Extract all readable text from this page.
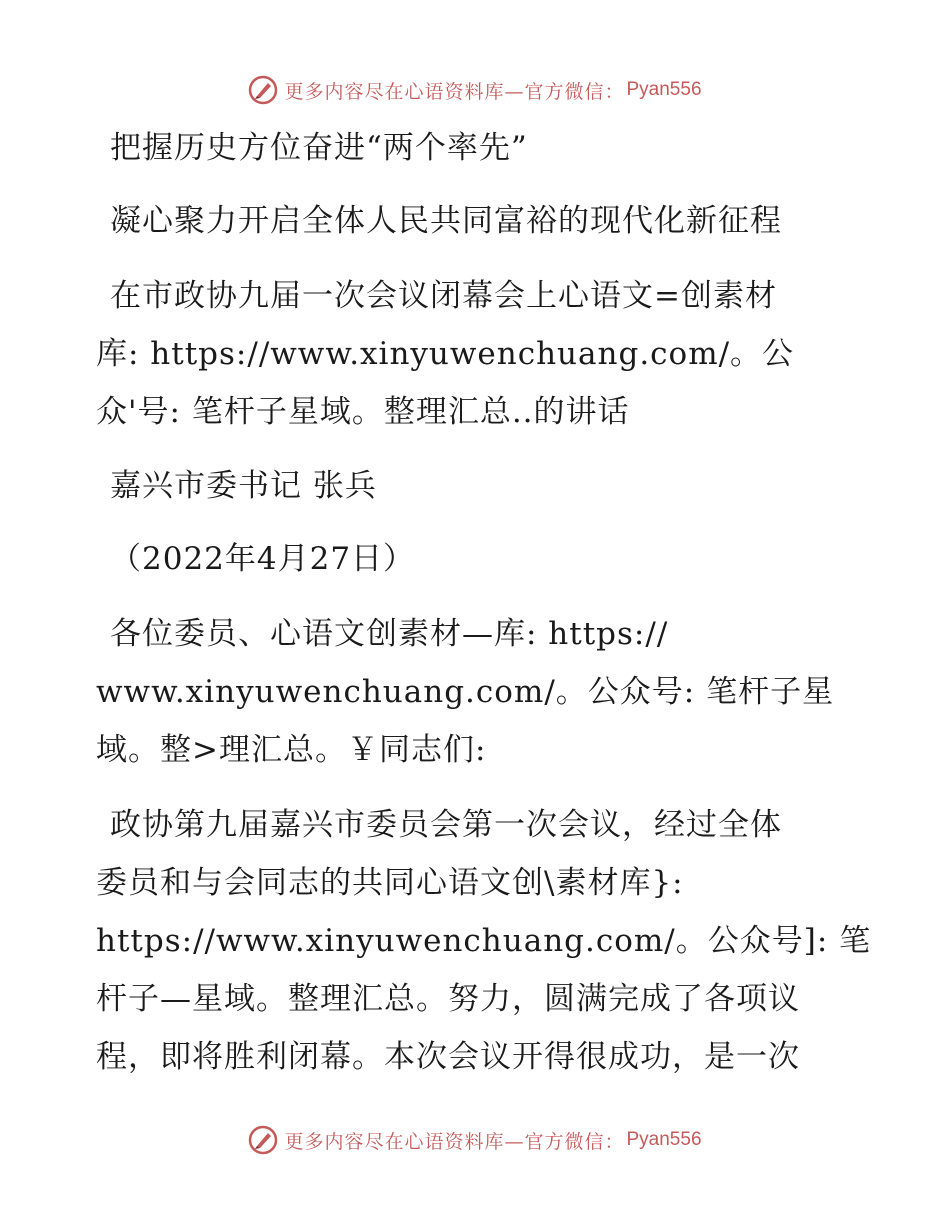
更多内容尽在心语资料库—官方微信： Pyan556
把握历史方位奋进“两个率先”
凝心聚力开启全体人民共同富裕的现代化新征程
在市政协九届一次会议闭幕会上心语文=创素材
库: https://www.xinyuwenchuang.com/。公
众'号: 笔杆子星域。整理汇总..的讲话
嘉兴市委书记 张兵
（2022年4月27日）
各位委员、心语文创素材—库: https://
www.xinyuwenchuang.com/。公众号: 笔杆子星
域。整>理汇总。￥同志们:
政协第九届嘉兴市委员会第一次会议，经过全体
委员和与会同志的共同心语文创\素材库}:
https://www.xinyuwenchuang.com/。公众号]: 笔
杆子—星域。整理汇总。努力，圆满完成了各项议
程，即将胜利闭幕。本次会议开得很成功，是一次
更多内容尽在心语资料库—官方微信： Pyan556
